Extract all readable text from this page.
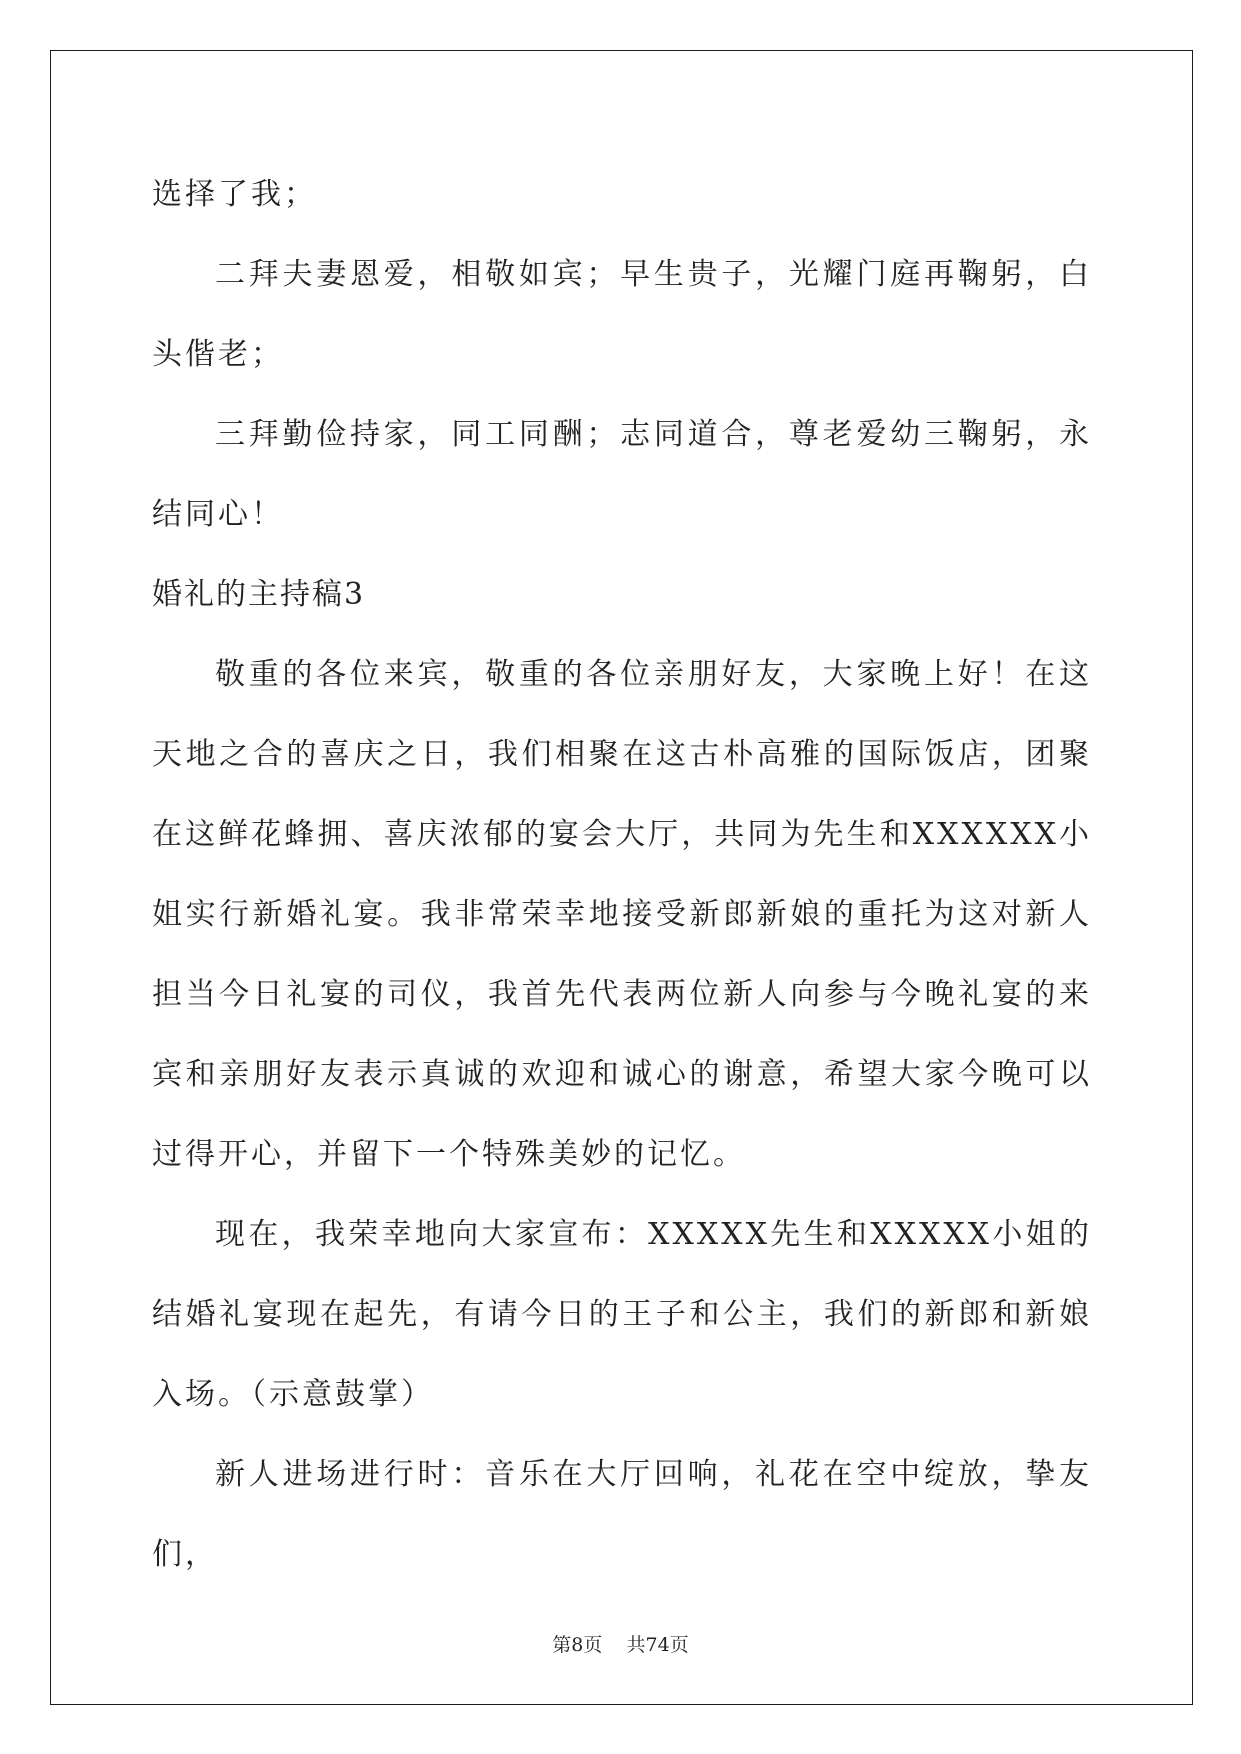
选择了我；

二拜夫妻恩爱，相敬如宾；早生贵子，光耀门庭再鞠躬，白头偕老；

三拜勤俭持家，同工同酬；志同道合，尊老爱幼三鞠躬，永结同心！

婚礼的主持稿3

敬重的各位来宾，敬重的各位亲朋好友，大家晚上好！在这天地之合的喜庆之日，我们相聚在这古朴高雅的国际饭店，团聚在这鲜花蜂拥、喜庆浓郁的宴会大厅，共同为先生和XXXXXX小姐实行新婚礼宴。我非常荣幸地接受新郎新娘的重托为这对新人担当今日礼宴的司仪，我首先代表两位新人向参与今晚礼宴的来宾和亲朋好友表示真诚的欢迎和诚心的谢意，希望大家今晚可以过得开心，并留下一个特殊美妙的记忆。

现在，我荣幸地向大家宣布：XXXXX先生和XXXXX小姐的结婚礼宴现在起先，有请今日的王子和公主，我们的新郎和新娘入场。（示意鼓掌）

新人进场进行时：音乐在大厅回响，礼花在空中绽放，挚友们，

第8页    共74页
